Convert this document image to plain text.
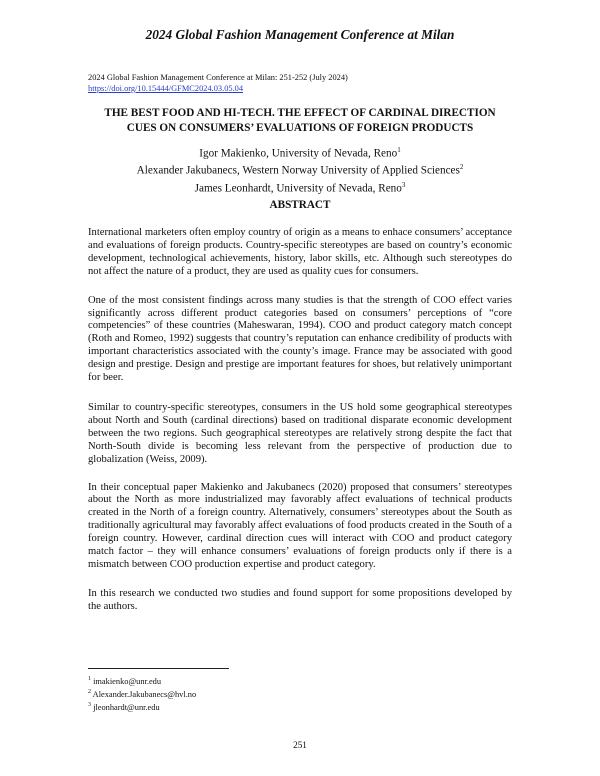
2024 Global Fashion Management Conference at Milan
2024 Global Fashion Management Conference at Milan: 251-252 (July 2024)
https://doi.org/10.15444/GFMC2024.03.05.04
THE BEST FOOD AND HI-TECH. THE EFFECT OF CARDINAL DIRECTION
CUES ON CONSUMERS’ EVALUATIONS OF FOREIGN PRODUCTS
Igor Makienko, University of Nevada, Reno$^1$
Alexander Jakubanecs, Western Norway University of Applied Sciences$^2$
James Leonhardt, University of Nevada, Reno$^3$
ABSTRACT

International marketers often employ country of origin as a means to enhace consumers’ acceptance and evaluations of foreign products. Country-specific stereotypes are based on country’s economic development, technological achievements, history, labor skills, etc. Although such stereotypes do not affect the nature of a product, they are used as quality cues for consumers.

One of the most consistent findings across many studies is that the strength of COO effect varies significantly across different product categories based on consumers’ perceptions of “core competencies” of these countries (Maheswaran, 1994). COO and product category match concept (Roth and Romeo, 1992) suggests that country’s reputation can enhance credibility of products with important characteristics associated with the county’s image. France may be associated with good design and prestige. Design and prestige are important features for shoes, but relatively unimportant for beer.

Similar to country-specific stereotypes, consumers in the US hold some geographical stereotypes about North and South (cardinal directions) based on traditional disparate economic development between the two regions. Such geographical stereotypes are relatively strong despite the fact that North-South divide is becoming less relevant from the perspective of production due to globalization (Weiss, 2009).

In their conceptual paper Makienko and Jakubanecs (2020) proposed that consumers’ stereotypes about the North as more industrialized may favorably affect evaluations of technical products created in the North of a foreign country. Alternatively, consumers’ stereotypes about the South as traditionally agricultural may favorably affect evaluations of food products created in the South of a foreign country. However, cardinal direction cues will interact with COO and product category match factor – they will enhance consumers’ evaluations of foreign products only if there is a mismatch between COO production expertise and product category.

In this research we conducted two studies and found support for some propositions developed by the authors.

$^1$ imakienko@unr.edu
$^2$ Alexander.Jakubanecs@hvl.no
$^3$ jleonhardt@unr.edu
251
